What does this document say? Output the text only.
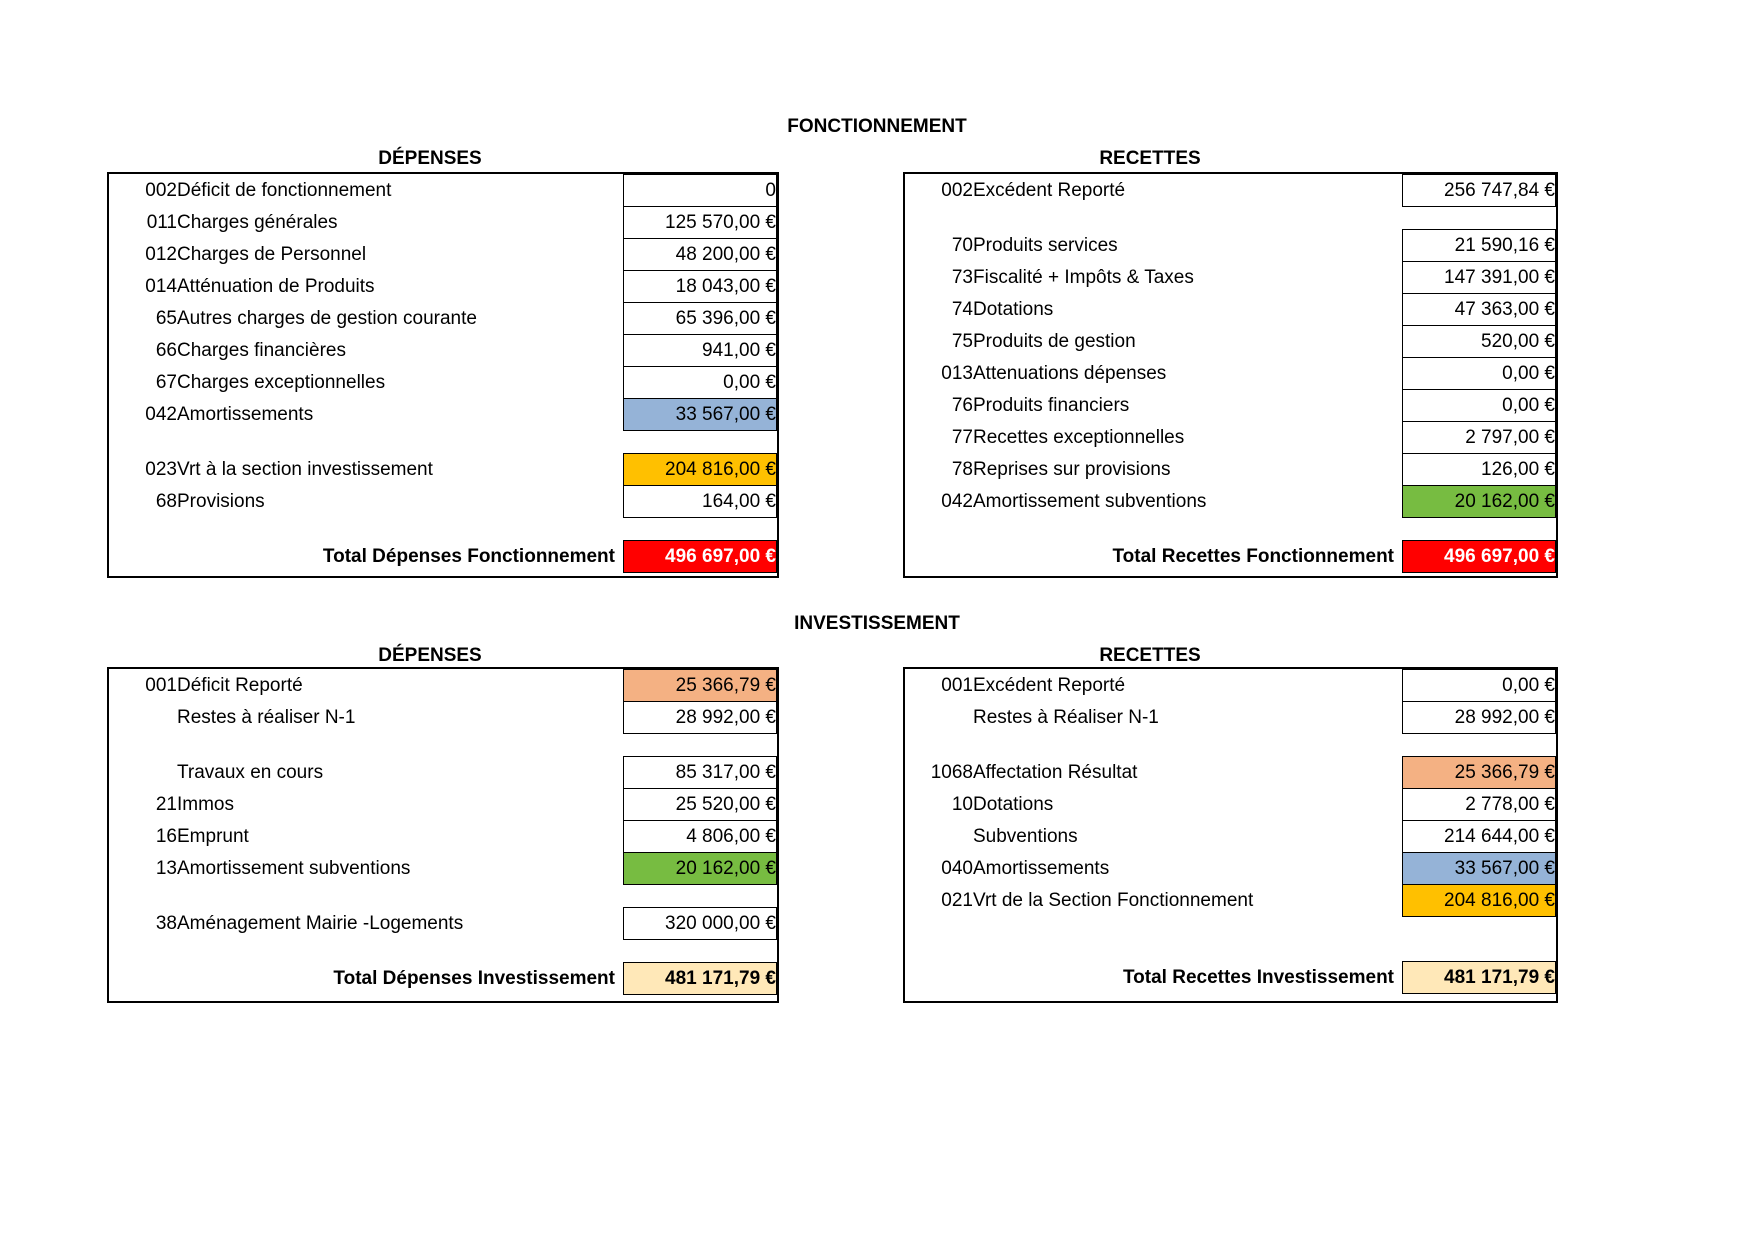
FONCTIONNEMENT
DÉPENSES	RECETTES
002	Déficit de fonctionnement	0
011	Charges générales	125 570,00 €
012	Charges de Personnel	48 200,00 €
014	Atténuation de Produits	18 043,00 €
65	Autres charges de gestion courante	65 396,00 €
66	Charges financières	941,00 €
67	Charges exceptionnelles	0,00 €
042	Amortissements	33 567,00 €

023	Vrt à la section investissement	204 816,00 €
68	Provisions	164,00 €

	Total Dépenses Fonctionnement	496 697,00 €
002	Excédent Reporté	256 747,84 €

70	Produits services	21 590,16 €
73	Fiscalité + Impôts & Taxes	147 391,00 €
74	Dotations	47 363,00 €
75	Produits de gestion	520,00 €
013	Attenuations dépenses	0,00 €
76	Produits financiers	0,00 €
77	Recettes exceptionnelles	2 797,00 €
78	Reprises sur provisions	126,00 €
042	Amortissement subventions	20 162,00 €

	Total Recettes Fonctionnement	496 697,00 €
INVESTISSEMENT
DÉPENSES	RECETTES
001	Déficit Reporté	25 366,79 €
	Restes à réaliser N-1	28 992,00 €

	Travaux en cours	85 317,00 €
21	Immos	25 520,00 €
16	Emprunt	4 806,00 €
13	Amortissement subventions	20 162,00 €

38	Aménagement Mairie -Logements	320 000,00 €

	Total Dépenses Investissement	481 171,79 €
001	Excédent Reporté	0,00 €
	Restes à Réaliser N-1	28 992,00 €

1068	Affectation Résultat	25 366,79 €
10	Dotations	2 778,00 €
	Subventions	214 644,00 €
040	Amortissements	33 567,00 €
021	Vrt de la Section Fonctionnement	204 816,00 €

	Total Recettes Investissement	481 171,79 €
